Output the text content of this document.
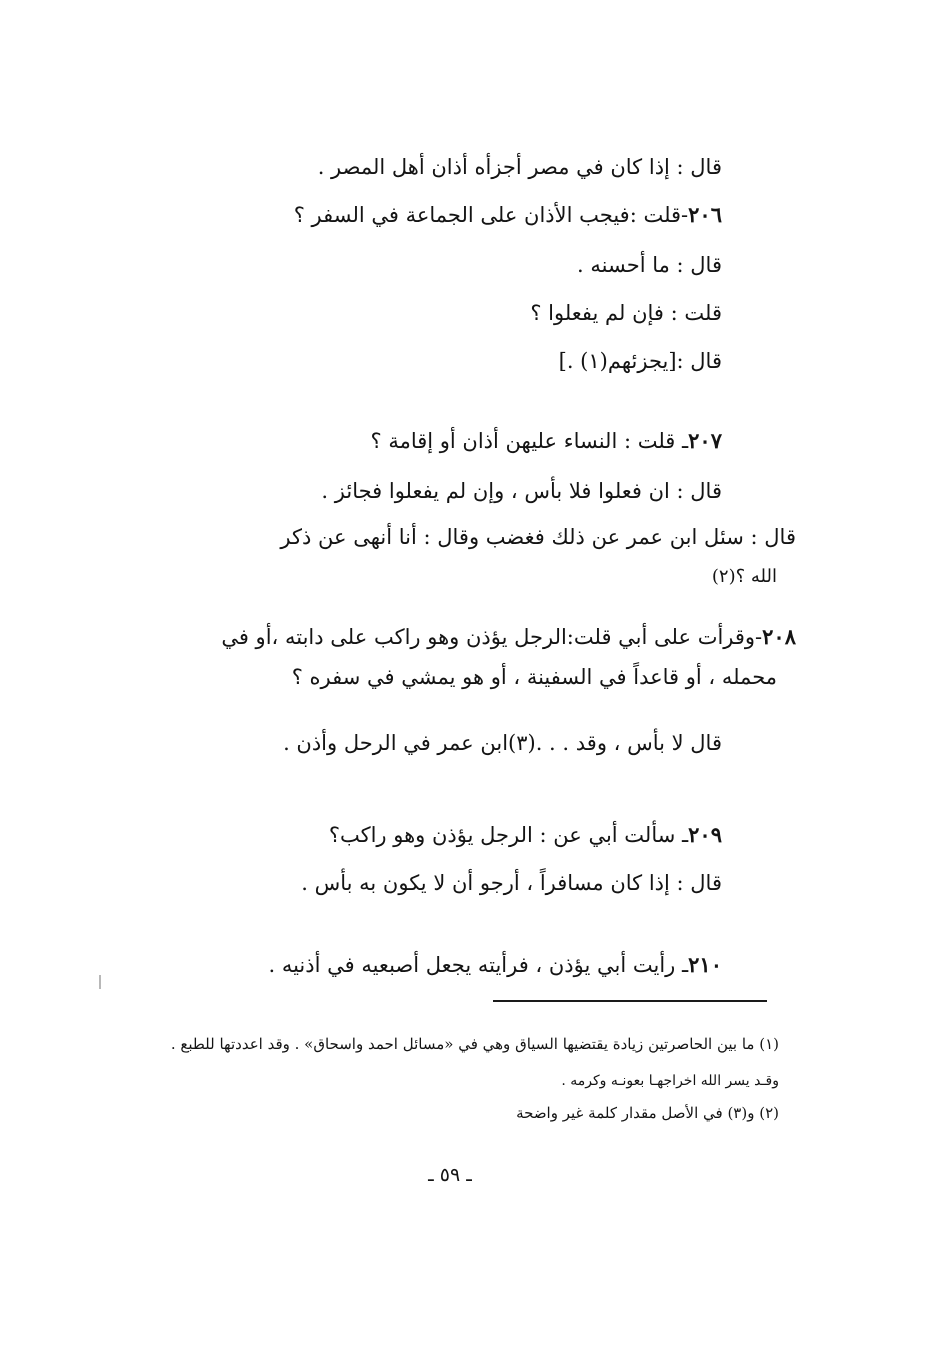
قال : إذا كان في مصر أجزأه أذان أهل المصر .
٢٠٦-قلت :فيجب الأذان على الجماعة في السفر ؟
قال : ما أحسنه .
قلت : فإن لم يفعلوا ؟
قال :[يجزئهم(١) .]
٢٠٧ـ قلت : النساء عليهن أذان أو إقامة ؟
قال : ان فعلوا فلا بأس ، وإن لم يفعلوا فجائز .
قال : سئل ابن عمر عن ذلك فغضب وقال : أنا أنهى عن ذكر
الله ؟(٢)
٢٠٨-وقرأت على أبي قلت:الرجل يؤذن وهو راكب على دابته ،أو في
محمله ، أو قاعداً في السفينة ، أو هو يمشي في سفره ؟
قال لا بأس ، وقد . . .(٣)ابن عمر في الرحل وأذن .
٢٠٩ـ سألت أبي عن : الرجل يؤذن وهو راكب؟
قال : إذا كان مسافراً ، أرجو أن لا يكون به بأس .
٢١٠ـ رأيت أبي يؤذن ، فرأيته يجعل أصبعيه في أذنيه .
(١) ما بين الحاصرتين زيادة يقتضيها السياق وهي في «مسائل احمد واسحاق» . وقد اعددتها للطبع .
وقـد يسر الله اخراجهـا بعونـه وكرمه .
(٢) و(٣) في الأصل مقدار كلمة غير واضحة
ـ ٥٩ ـ
